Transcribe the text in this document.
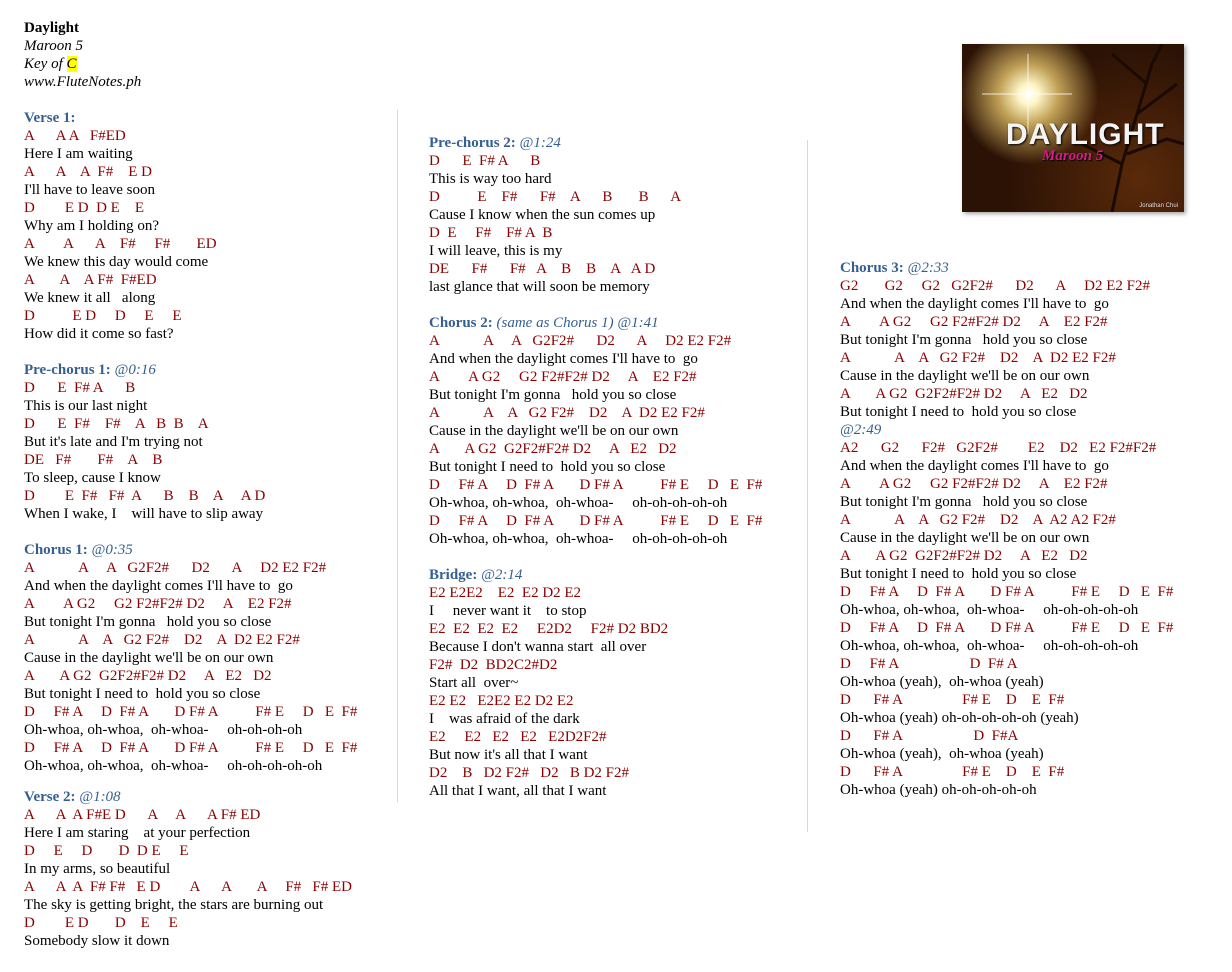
Daylight
Maroon 5
Key of C
www.FluteNotes.ph
Verse 1:
A      A A   F#ED
Here I am waiting
A      A    A  F#    E D
I'll have to leave soon
D        E D  D E    E
Why am I holding on?
A        A      A    F#     F#       ED
We knew this day would come
A       A    A F#  F#ED
We knew it all   along
D          E D     D     E     E
How did it come so fast?
Pre-chorus 1: @0:16
D      E  F# A      B
This is our last night
D      E  F#    F#    A   B  B    A
But it's late and I'm trying not
DE   F#       F#    A    B
To sleep, cause I know
D        E  F#   F#  A      B    B    A     A D
When I wake, I    will have to slip away
Chorus 1: @0:35
A            A     A   G2F2#      D2      A     D2 E2 F2#
And when the daylight comes I'll have to  go
A        A G2     G2 F2#F2# D2     A    E2 F2#
But tonight I'm gonna   hold you so close
A            A    A   G2 F2#    D2    A  D2 E2 F2#
Cause in the daylight we'll be on our own
A       A G2  G2F2#F2# D2     A   E2   D2
But tonight I need to  hold you so close
D     F# A     D  F# A       D F# A          F# E     D   E  F#
Oh-whoa, oh-whoa,  oh-whoa-     oh-oh-oh-oh
D     F# A     D  F# A       D F# A          F# E     D   E  F#
Oh-whoa, oh-whoa,  oh-whoa-     oh-oh-oh-oh-oh
Verse 2: @1:08
A      A  A F#E D      A     A      A F# ED
Here I am staring    at your perfection
D     E     D       D  D E     E
In my arms, so beautiful
A      A  A  F# F#   E D        A      A       A     F#   F# ED
The sky is getting bright, the stars are burning out
D        E D       D    E     E
Somebody slow it down
Pre-chorus 2: @1:24
D      E  F# A      B
This is way too hard
D          E    F#      F#    A      B       B      A
Cause I know when the sun comes up
D  E     F#    F# A  B
I will leave, this is my
DE      F#      F#   A    B    B    A   A D
last glance that will soon be memory
Chorus 2: (same as Chorus 1) @1:41
A            A     A   G2F2#      D2      A     D2 E2 F2#
And when the daylight comes I'll have to  go
A        A G2     G2 F2#F2# D2     A    E2 F2#
But tonight I'm gonna   hold you so close
A            A    A   G2 F2#    D2    A  D2 E2 F2#
Cause in the daylight we'll be on our own
A       A G2  G2F2#F2# D2     A   E2   D2
But tonight I need to  hold you so close
D     F# A     D  F# A       D F# A          F# E     D   E  F#
Oh-whoa, oh-whoa,  oh-whoa-     oh-oh-oh-oh-oh
D     F# A     D  F# A       D F# A          F# E     D   E  F#
Oh-whoa, oh-whoa,  oh-whoa-     oh-oh-oh-oh-oh
Bridge: @2:14
E2 E2E2    E2  E2 D2 E2
I     never want it    to stop
E2  E2  E2  E2     E2D2     F2# D2 BD2
Because I don't wanna start  all over
F2#  D2  BD2C2#D2
Start all  over~
E2 E2   E2E2 E2 D2 E2
I    was afraid of the dark
E2     E2   E2   E2   E2D2F2#
But now it's all that I want
D2    B   D2 F2#   D2   B D2 F2#
All that I want, all that I want
Chorus 3: @2:33
G2       G2     G2   G2F2#      D2      A     D2 E2 F2#
And when the daylight comes I'll have to  go
A        A G2     G2 F2#F2# D2     A    E2 F2#
But tonight I'm gonna   hold you so close
A            A    A   G2 F2#    D2    A  D2 E2 F2#
Cause in the daylight we'll be on our own
A       A G2  G2F2#F2# D2     A   E2   D2
But tonight I need to  hold you so close
@2:49
A2      G2      F2#   G2F2#        E2    D2   E2 F2#F2#
And when the daylight comes I'll have to  go
A        A G2     G2 F2#F2# D2     A    E2 F2#
But tonight I'm gonna   hold you so close
A            A    A   G2 F2#    D2    A  A2 A2 F2#
Cause in the daylight we'll be on our own
A       A G2  G2F2#F2# D2     A   E2   D2
But tonight I need to  hold you so close
D     F# A     D  F# A       D F# A          F# E     D   E  F#
Oh-whoa, oh-whoa,  oh-whoa-     oh-oh-oh-oh-oh
D     F# A     D  F# A       D F# A          F# E     D   E  F#
Oh-whoa, oh-whoa,  oh-whoa-     oh-oh-oh-oh-oh
D     F# A                   D  F# A
Oh-whoa (yeah),  oh-whoa (yeah)
D      F# A                F# E    D    E  F#
Oh-whoa (yeah) oh-oh-oh-oh-oh (yeah)
D      F# A                   D  F#A
Oh-whoa (yeah),  oh-whoa (yeah)
D      F# A                F# E    D    E  F#
Oh-whoa (yeah) oh-oh-oh-oh-oh
DAYLIGHT
Maroon 5
Jonathan Chui
